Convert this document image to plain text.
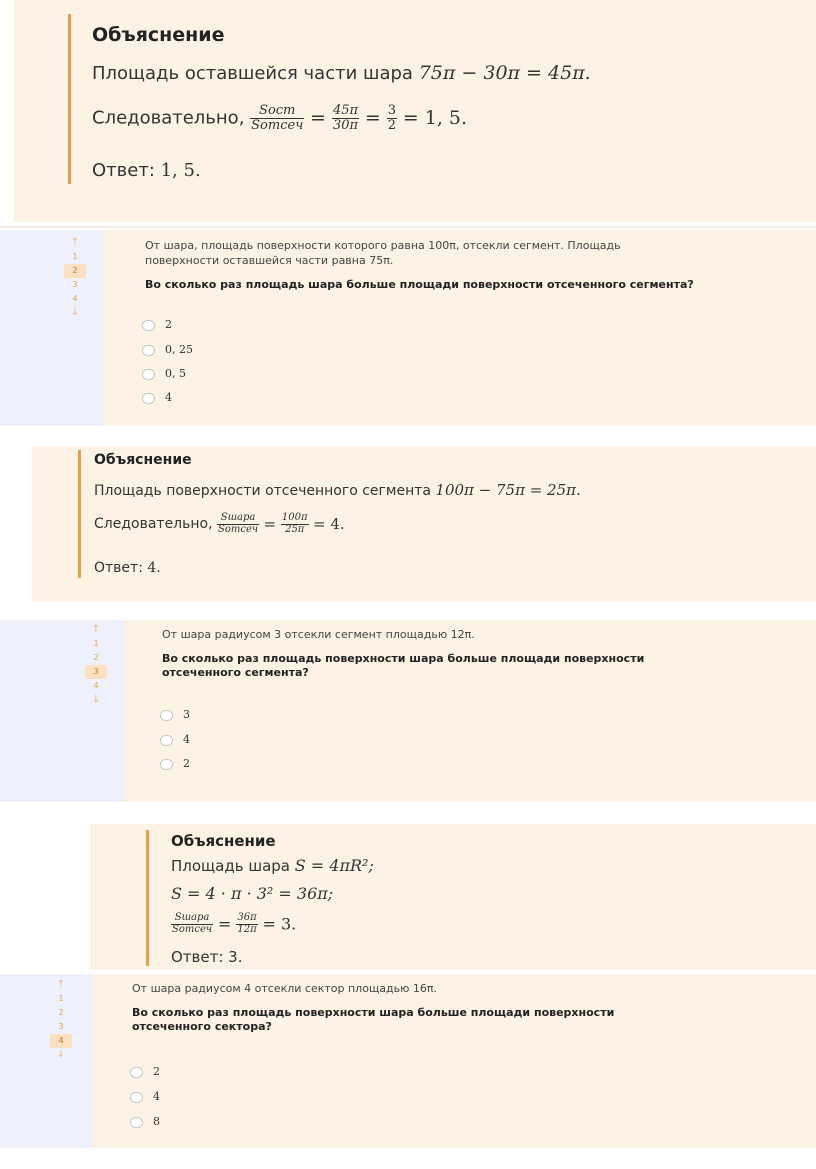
Объяснение
Площадь оставшейся части шара 75π − 30π = 45π.
Следовательно, $\frac{\text{Sост}}{\text{Sотсеч}} = \frac{45\pi}{30\pi} = \frac{3}{2} = 1$, 5.
Ответ: 1, 5.
↑
1
2
3
4
↓
От шара, площадь поверхности которого равна 100π, отсекли сегмент. Площадь
поверхности оставшейся части равна 75π.
Во сколько раз площадь шара больше площади поверхности отсеченного сегмента?
2
0, 25
0, 5
4
Объяснение
Площадь поверхности отсеченного сегмента 100π − 75π = 25π.
Следовательно, $\frac{\text{Sшара}}{\text{Sотсеч}} = \frac{100\pi}{25\pi} = 4$.
Ответ: 4.
↑
1
2
3
4
↓
От шара радиусом 3 отсекли сегмент площадью 12π.
Во сколько раз площадь поверхности шара больше площади поверхности
отсеченного сегмента?
3
4
2
Объяснение
Площадь шара S = 4πR²;
S = 4 · π · 3² = 36π;
$\frac{\text{Sшара}}{\text{Sотсеч}} = \frac{36\pi}{12\pi} = 3$.
Ответ: 3.
↑
1
2
3
4
↓
От шара радиусом 4 отсекли сектор площадью 16π.
Во сколько раз площадь поверхности шара больше площади поверхности
отсеченного сектора?
2
4
8
